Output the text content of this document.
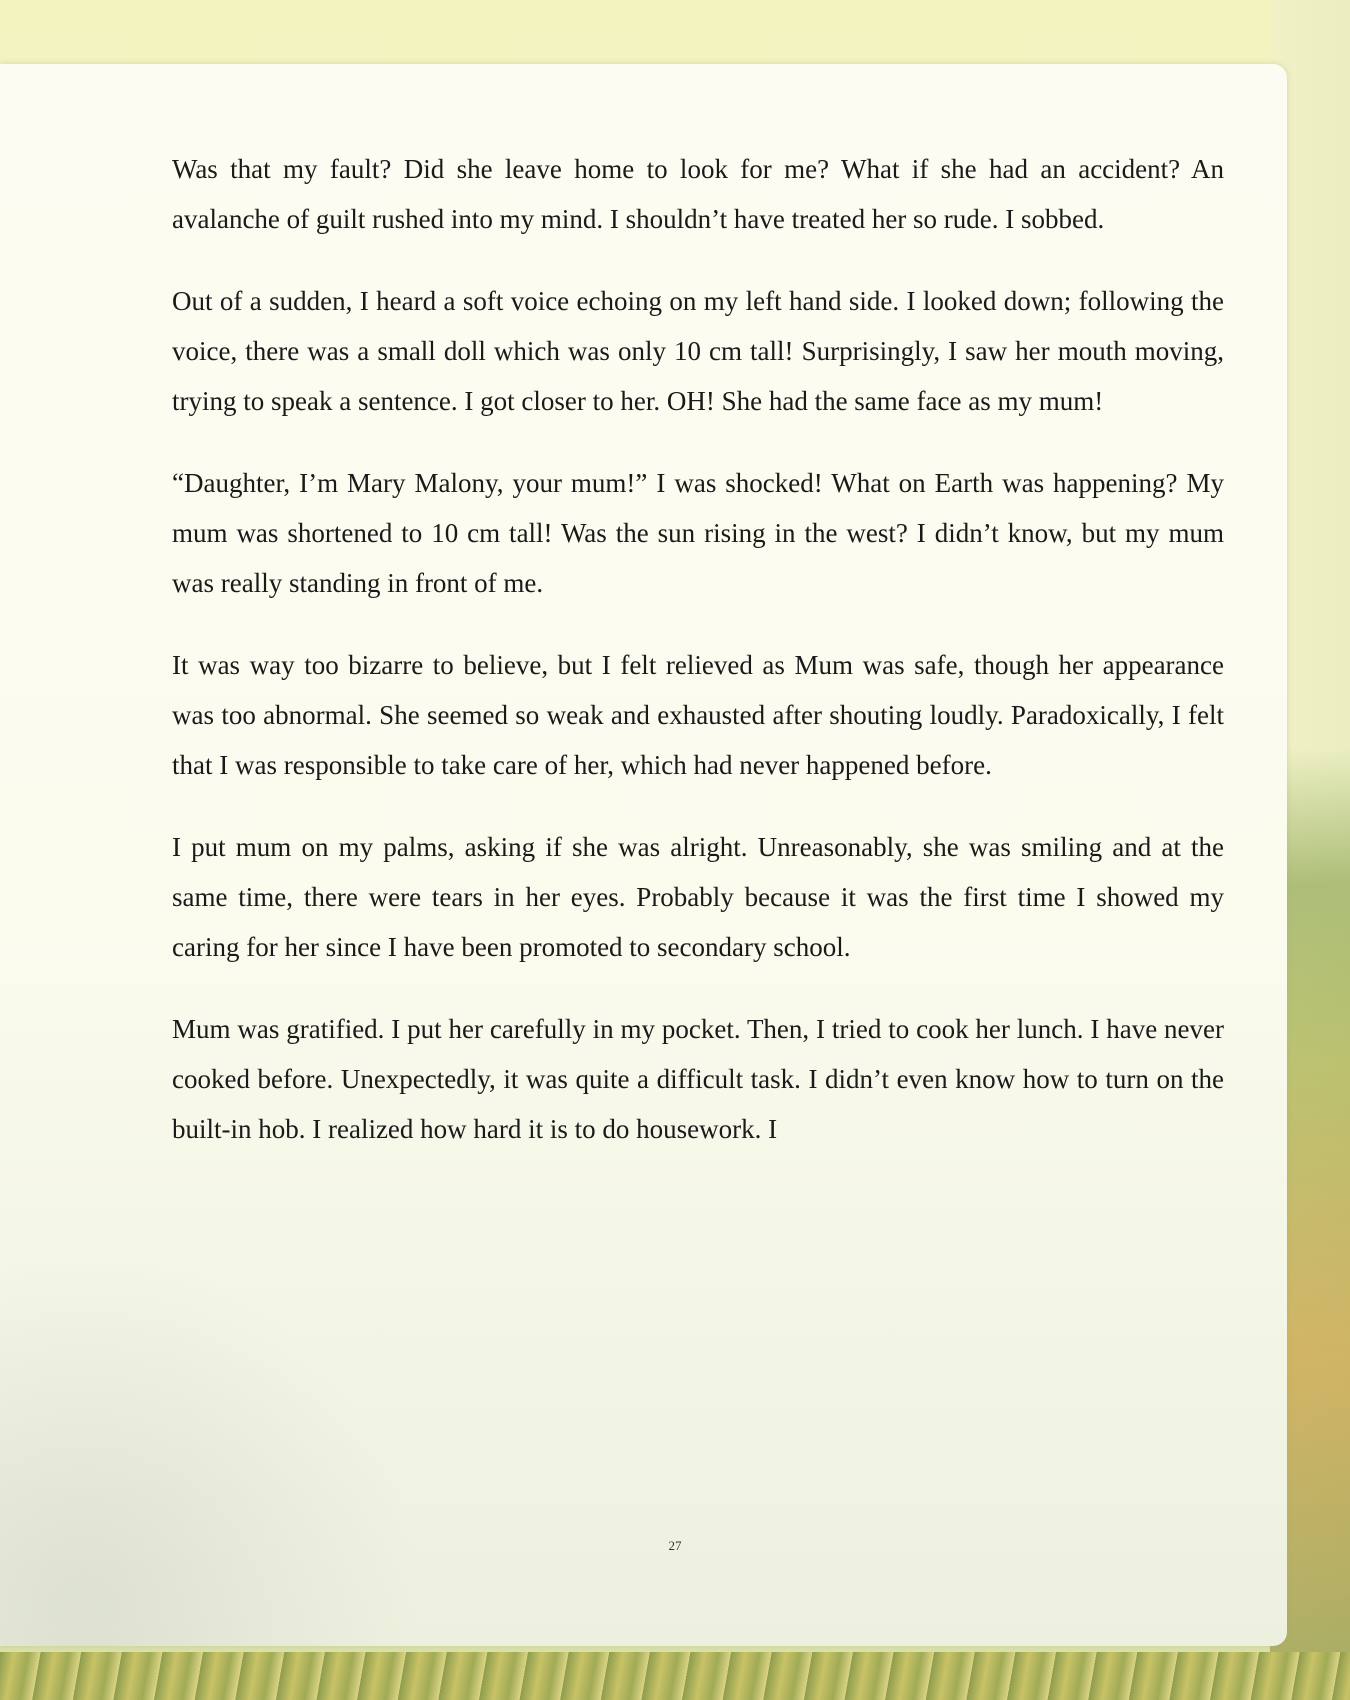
Was that my fault? Did she leave home to look for me? What if she had an accident? An avalanche of guilt rushed into my mind. I shouldn’t have treated her so rude. I sobbed.

Out of a sudden, I heard a soft voice echoing on my left hand side. I looked down; following the voice, there was a small doll which was only 10 cm tall! Surprisingly, I saw her mouth moving, trying to speak a sentence. I got closer to her. OH! She had the same face as my mum!

“Daughter, I’m Mary Malony, your mum!” I was shocked! What on Earth was happening? My mum was shortened to 10 cm tall! Was the sun rising in the west? I didn’t know, but my mum was really standing in front of me.

It was way too bizarre to believe, but I felt relieved as Mum was safe, though her appearance was too abnormal. She seemed so weak and exhausted after shouting loudly. Paradoxically, I felt that I was responsible to take care of her, which had never happened before.

I put mum on my palms, asking if she was alright. Unreasonably, she was smiling and at the same time, there were tears in her eyes. Probably because it was the first time I showed my caring for her since I have been promoted to secondary school.

Mum was gratified. I put her carefully in my pocket. Then, I tried to cook her lunch. I have never cooked before. Unexpectedly, it was quite a difficult task. I didn’t even know how to turn on the built-in hob. I realized how hard it is to do housework. I

27
